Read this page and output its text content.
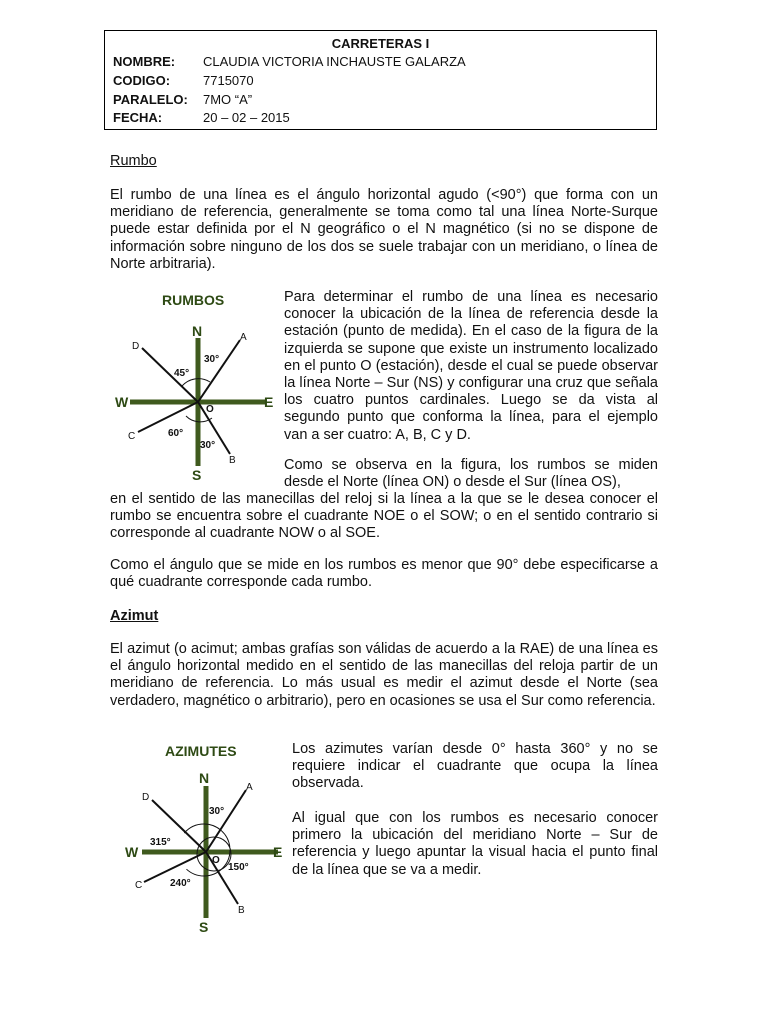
CARRETERAS I
NOMBRE: CLAUDIA VICTORIA INCHAUSTE GALARZA
CODIGO:	7715070
PARALELO: 7MO “A”
FECHA:	20 – 02 – 2015

Rumbo

El rumbo de una línea es el ángulo horizontal agudo (<90°) que forma con un meridiano de referencia, generalmente se toma como tal una línea Norte-Surque puede estar definida por el N geográfico o el N magnético (si no se dispone de información sobre ninguno de los dos se suele trabajar con un meridiano, o línea de Norte arbitraria).

RUMBOS
N
S
E
W	O
A
B
C
D
30°
30°
60°
45°

Para determinar el rumbo de una línea es necesario conocer la ubicación de la línea de referencia desde la estación (punto de medida). En el caso de la figura de la izquierda se supone que existe un instrumento localizado en el punto O (estación), desde el cual se puede observar la línea Norte – Sur (NS) y configurar una cruz que señala los cuatro puntos cardinales. Luego se da vista al segundo punto que conforma la línea, para el ejemplo van a ser cuatro: A, B, C y D.

Como se observa en la figura, los rumbos se miden desde el Norte (línea ON) o desde el Sur (línea OS),

en el sentido de las manecillas del reloj si la línea a la que se le desea conocer el rumbo se encuentra sobre el cuadrante NOE o el SOW; o en el sentido contrario si corresponde al cuadrante NOW o al SOE.

Como el ángulo que se mide en los rumbos es menor que 90° debe especificarse a qué cuadrante corresponde cada rumbo.

Azimut

El azimut (o acimut; ambas grafías son válidas de acuerdo a la RAE) de una línea es el ángulo horizontal medido en el sentido de las manecillas del reloja partir de un meridiano de referencia. Lo más usual es medir el azimut desde el Norte (sea verdadero, magnético o arbitrario), pero en ocasiones se usa el Sur como referencia.

AZIMUTES
N
S
E
W
O
A
B
C
D
30°
150°
240°
315°

Los azimutes varían desde 0° hasta 360° y no se requiere indicar el cuadrante que ocupa la línea observada.

Al igual que con los rumbos es necesario conocer primero la ubicación del meridiano Norte – Sur de referencia y luego apuntar la visual hacia el punto final de la línea que se va a medir.
